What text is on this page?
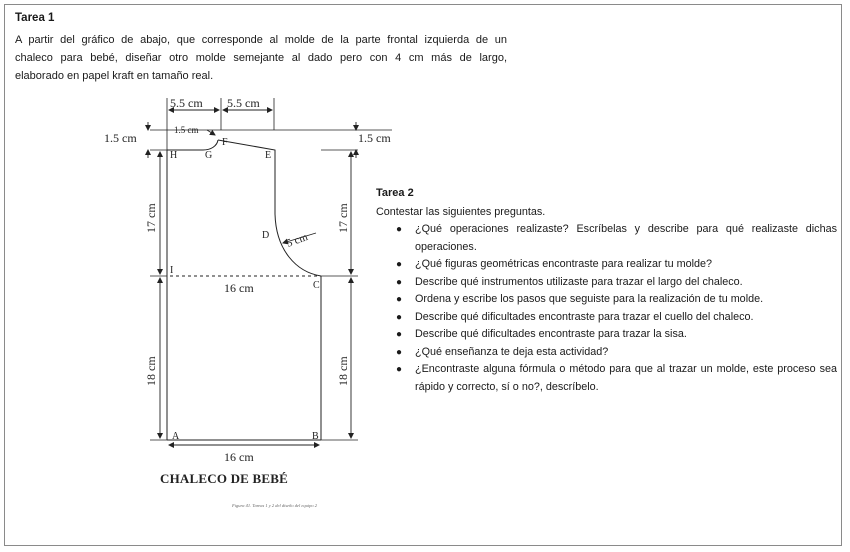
Tarea 1
A partir del gráfico de abajo, que corresponde al molde de la parte frontal izquierda de un
chaleco para bebé, diseñar otro molde semejante al dado pero con 4 cm más de largo,
elaborado en papel kraft en tamaño real.
5.5 cm 5.5 cm
1.5 cm
1.5 cm	1.5 cm
17 cm	17 cm
18 cm	18 cm
16 cm
16 cm
5 cm
H	G
F
E
D
I
C
A	B
CHALECO DE BEBÉ
Figura 41. Tareas 1 y 2 del diseño del equipo 2
Tarea 2
Contestar las siguientes preguntas.
● ¿Qué operaciones realizaste? Escríbelas y describe para qué realizaste dichas operaciones.
● ¿Qué figuras geométricas encontraste para realizar tu molde?
● Describe qué instrumentos utilizaste para trazar el largo del chaleco.
● Ordena y escribe los pasos que seguiste para la realización de tu molde.
● Describe qué dificultades encontraste para trazar el cuello del chaleco.
● Describe qué dificultades encontraste para trazar la sisa.
● ¿Qué enseñanza te deja esta actividad?
● ¿Encontraste alguna fórmula o método para que al trazar un molde, este proceso sea rápido y correcto, sí o no?, descríbelo.
